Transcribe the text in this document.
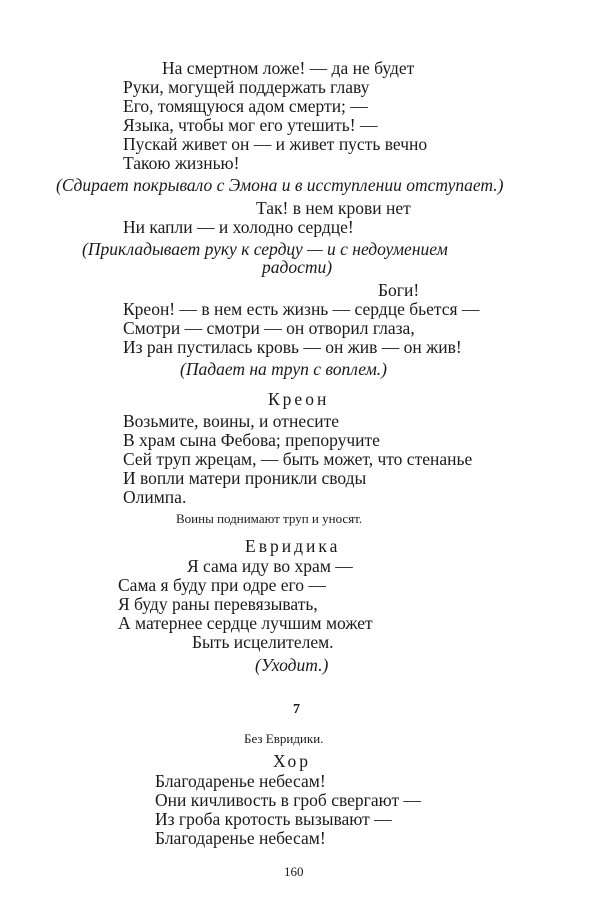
На смертном ложе! — да не будет
Руки, могущей поддержать главу
Его, томящуюся адом смерти; —
Языка, чтобы мог его утешить! —
Пускай живет он — и живет пусть вечно
Такою жизнью!
(Сдирает покрывало с Эмона и в исступлении отступает.)
Так! в нем крови нет
Ни капли — и холодно сердце!
(Прикладывает руку к сердцу — и с недоумением
радости)
Боги!
Креон! — в нем есть жизнь — сердце бьется —
Смотри — смотри — он отворил глаза,
Из ран пустилась кровь — он жив — он жив!
(Падает на труп с воплем.)
Креон
Возьмите, воины, и отнесите
В храм сына Фебова; препоручите
Сей труп жрецам, — быть может, что стенанье
И вопли матери проникли своды
Олимпа.
Воины поднимают труп и уносят.
Евридика
Я сама иду во храм —
Сама я буду при одре его —
Я буду раны перевязывать,
А матернее сердце лучшим может
Быть исцелителем.
(Уходит.)
7
Без Евридики.
Хор
Благодаренье небесам!
Они кичливость в гроб свергают —
Из гроба кротость вызывают —
Благодаренье небесам!
160
